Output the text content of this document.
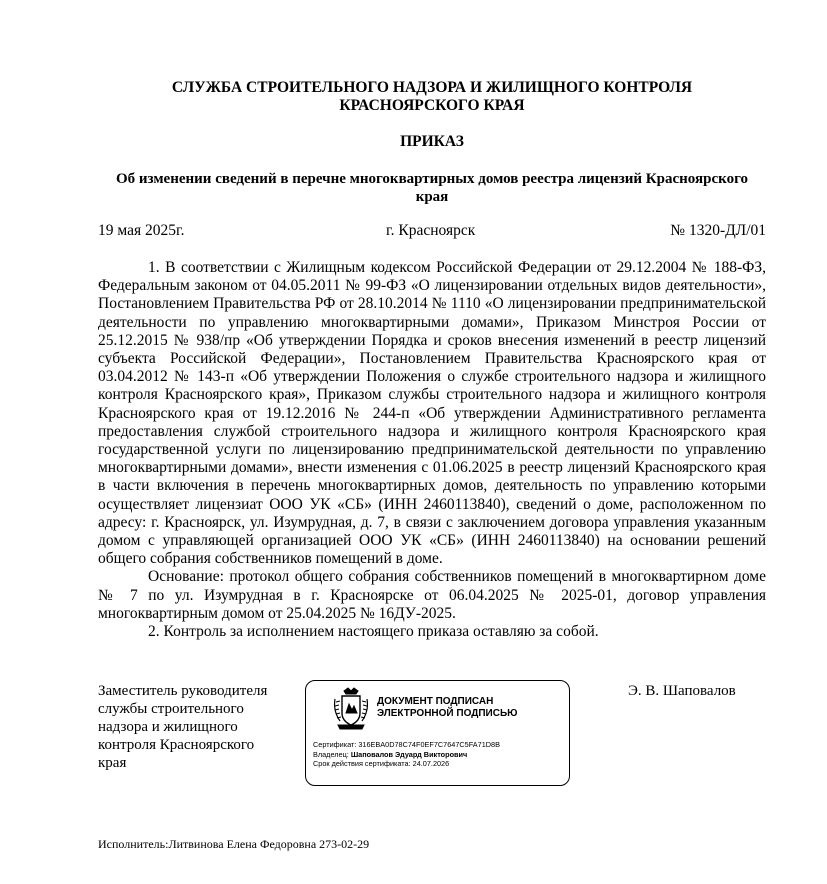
СЛУЖБА СТРОИТЕЛЬНОГО НАДЗОРА И ЖИЛИЩНОГО КОНТРОЛЯ
КРАСНОЯРСКОГО КРАЯ
ПРИКАЗ
Об изменении сведений в перечне многоквартирных домов реестра лицензий Красноярского
края
19 мая 2025г.	г. Красноярск	№ 1320-ДЛ/01

1. В соответствии с Жилищным кодексом Российской Федерации от 29.12.2004 № 188-ФЗ, Федеральным законом от 04.05.2011 № 99-ФЗ «О лицензировании отдельных видов деятельности», Постановлением Правительства РФ от 28.10.2014 № 1110 «О лицензировании предпринимательской деятельности по управлению многоквартирными домами», Приказом Минстроя России от 25.12.2015 № 938/пр «Об утверждении Порядка и сроков внесения изменений в реестр лицензий субъекта Российской Федерации», Постановлением Правительства Красноярского края от 03.04.2012 № 143-п «Об утверждении Положения о службе строительного надзора и жилищного контроля Красноярского края», Приказом службы строительного надзора и жилищного контроля Красноярского края от 19.12.2016 № 244-п «Об утверждении Административного регламента предоставления службой строительного надзора и жилищного контроля Красноярского края государственной услуги по лицензированию предпринимательской деятельности по управлению многоквартирными домами», внести изменения с 01.06.2025 в реестр лицензий Красноярского края в части включения в перечень многоквартирных домов, деятельность по управлению которыми осуществляет лицензиат ООО УК «СБ» (ИНН 2460113840), сведений о доме, расположенном по адресу: г. Красноярск, ул. Изумрудная, д. 7, в связи с заключением договора управления указанным домом с управляющей организацией ООО УК «СБ» (ИНН 2460113840) на основании решений общего собрания собственников помещений в доме.

Основание: протокол общего собрания собственников помещений в многоквартирном доме № 7 по ул. Изумрудная в г. Красноярске от 06.04.2025 № 2025-01, договор управления многоквартирным домом от 25.04.2025 № 16ДУ-2025.

2. Контроль за исполнением настоящего приказа оставляю за собой.

Заместитель руководителя
службы строительного
надзора и жилищного
контроля Красноярского
края
ДОКУМЕНТ ПОДПИСАН
ЭЛЕКТРОННОЙ ПОДПИСЬЮ
Сертификат: 316EBA0D78C74F0EF7C7647C5FA71D8B
Владелец: Шаповалов Эдуард Викторович
Срок действия сертификата: 24.07.2026
Э. В. Шаповалов
Исполнитель:Литвинова Елена Федоровна 273-02-29
